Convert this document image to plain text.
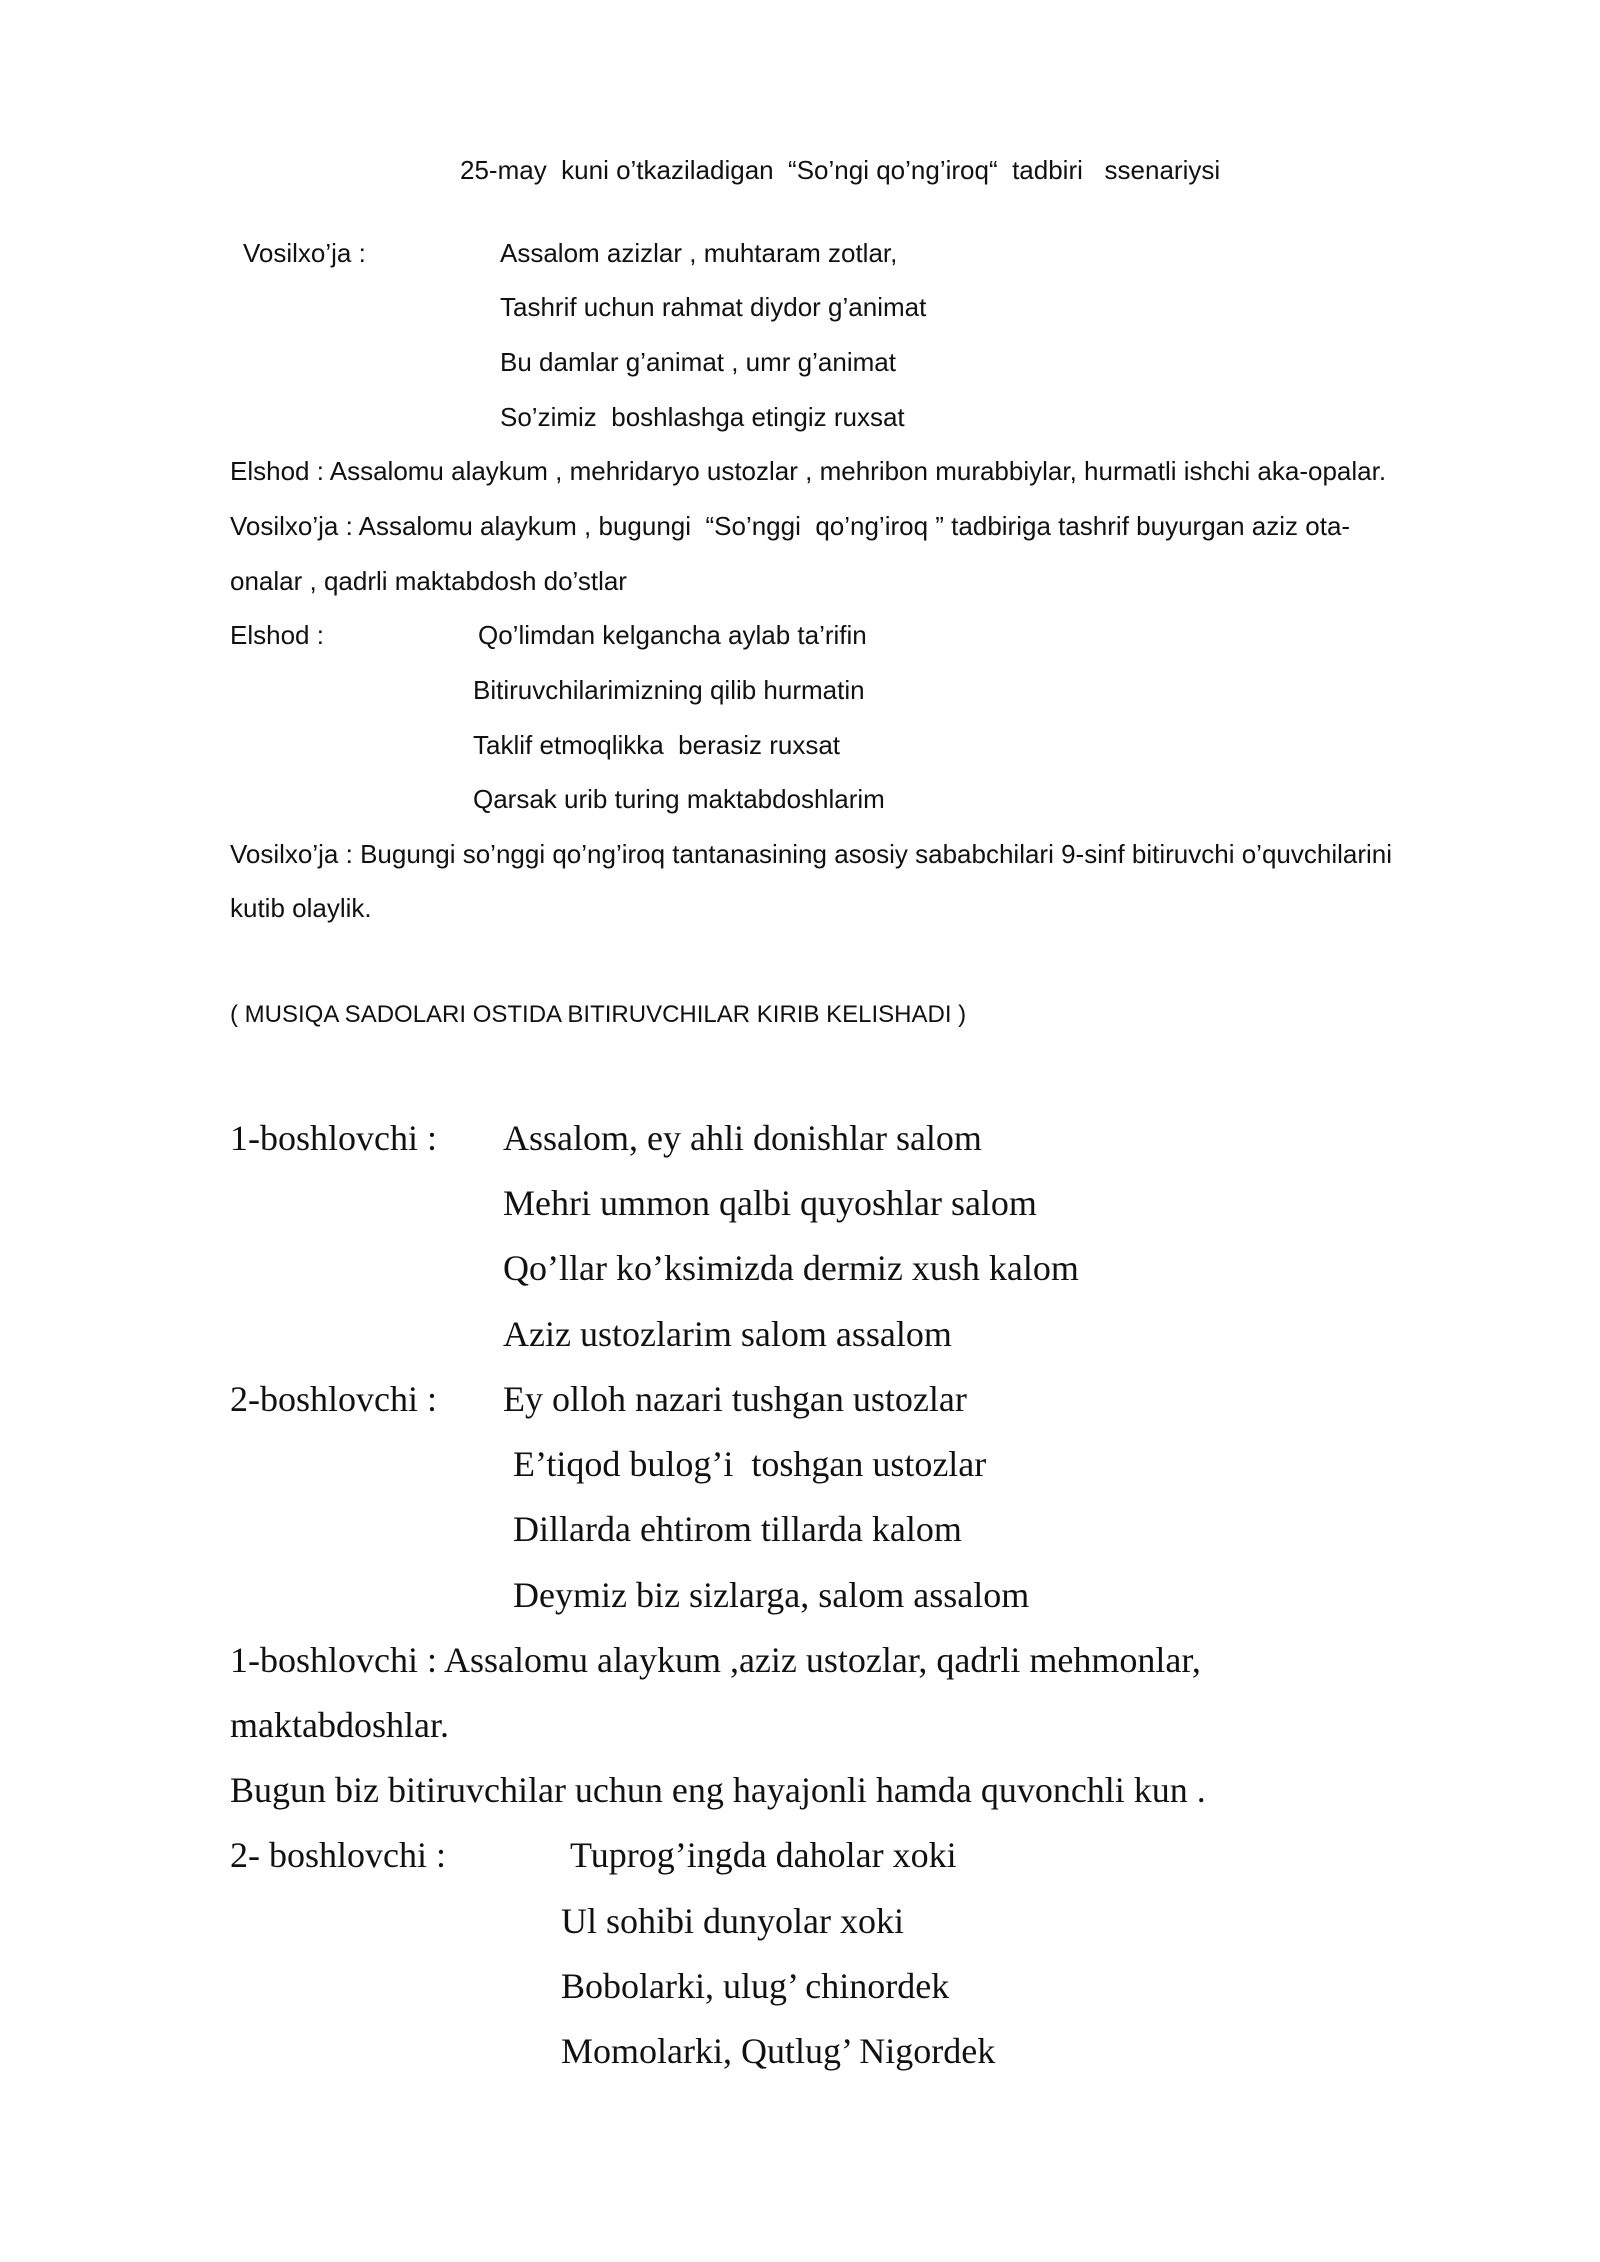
25-may  kuni o’tkaziladigan  “So’ngi qo’ng’iroq“  tadbiri   ssenariysi

Vosilxo’ja :	Assalom azizlar , muhtaram zotlar,

Tashrif uchun rahmat diydor g’animat

Bu damlar g’animat , umr g’animat

So’zimiz  boshlashga etingiz ruxsat

Elshod : Assalomu alaykum , mehridaryo ustozlar , mehribon murabbiylar, hurmatli ishchi aka-opalar.

Vosilxo’ja : Assalomu alaykum , bugungi  “So’nggi  qo’ng’iroq ” tadbiriga tashrif buyurgan aziz ota-

onalar , qadrli maktabdosh do’stlar

Elshod :	Qo’limdan kelgancha aylab ta’rifin

Bitiruvchilarimizning qilib hurmatin

Taklif etmoqlikka  berasiz ruxsat

Qarsak urib turing maktabdoshlarim

Vosilxo’ja : Bugungi so’nggi qo’ng’iroq tantanasining asosiy sababchilari 9-sinf bitiruvchi o’quvchilarini

kutib olaylik.

( MUSIQA SADOLARI OSTIDA BITIRUVCHILAR KIRIB KELISHADI )

1-boshlovchi : Assalom, ey ahli donishlar salom

Mehri ummon qalbi quyoshlar salom

Qo’llar ko’ksimizda dermiz xush kalom

Aziz ustozlarim salom assalom

2-boshlovchi : Ey olloh nazari tushgan ustozlar

E’tiqod bulog’i  toshgan ustozlar

Dillarda ehtirom tillarda kalom

Deymiz biz sizlarga, salom assalom

1-boshlovchi : Assalomu alaykum ,aziz ustozlar, qadrli mehmonlar,

maktabdoshlar.

Bugun biz bitiruvchilar uchun eng hayajonli hamda quvonchli kun .

2- boshlovchi :	Tuprog’ingda daholar xoki

Ul sohibi dunyolar xoki

Bobolarki, ulug’ chinordek

Momolarki, Qutlug’ Nigordek
